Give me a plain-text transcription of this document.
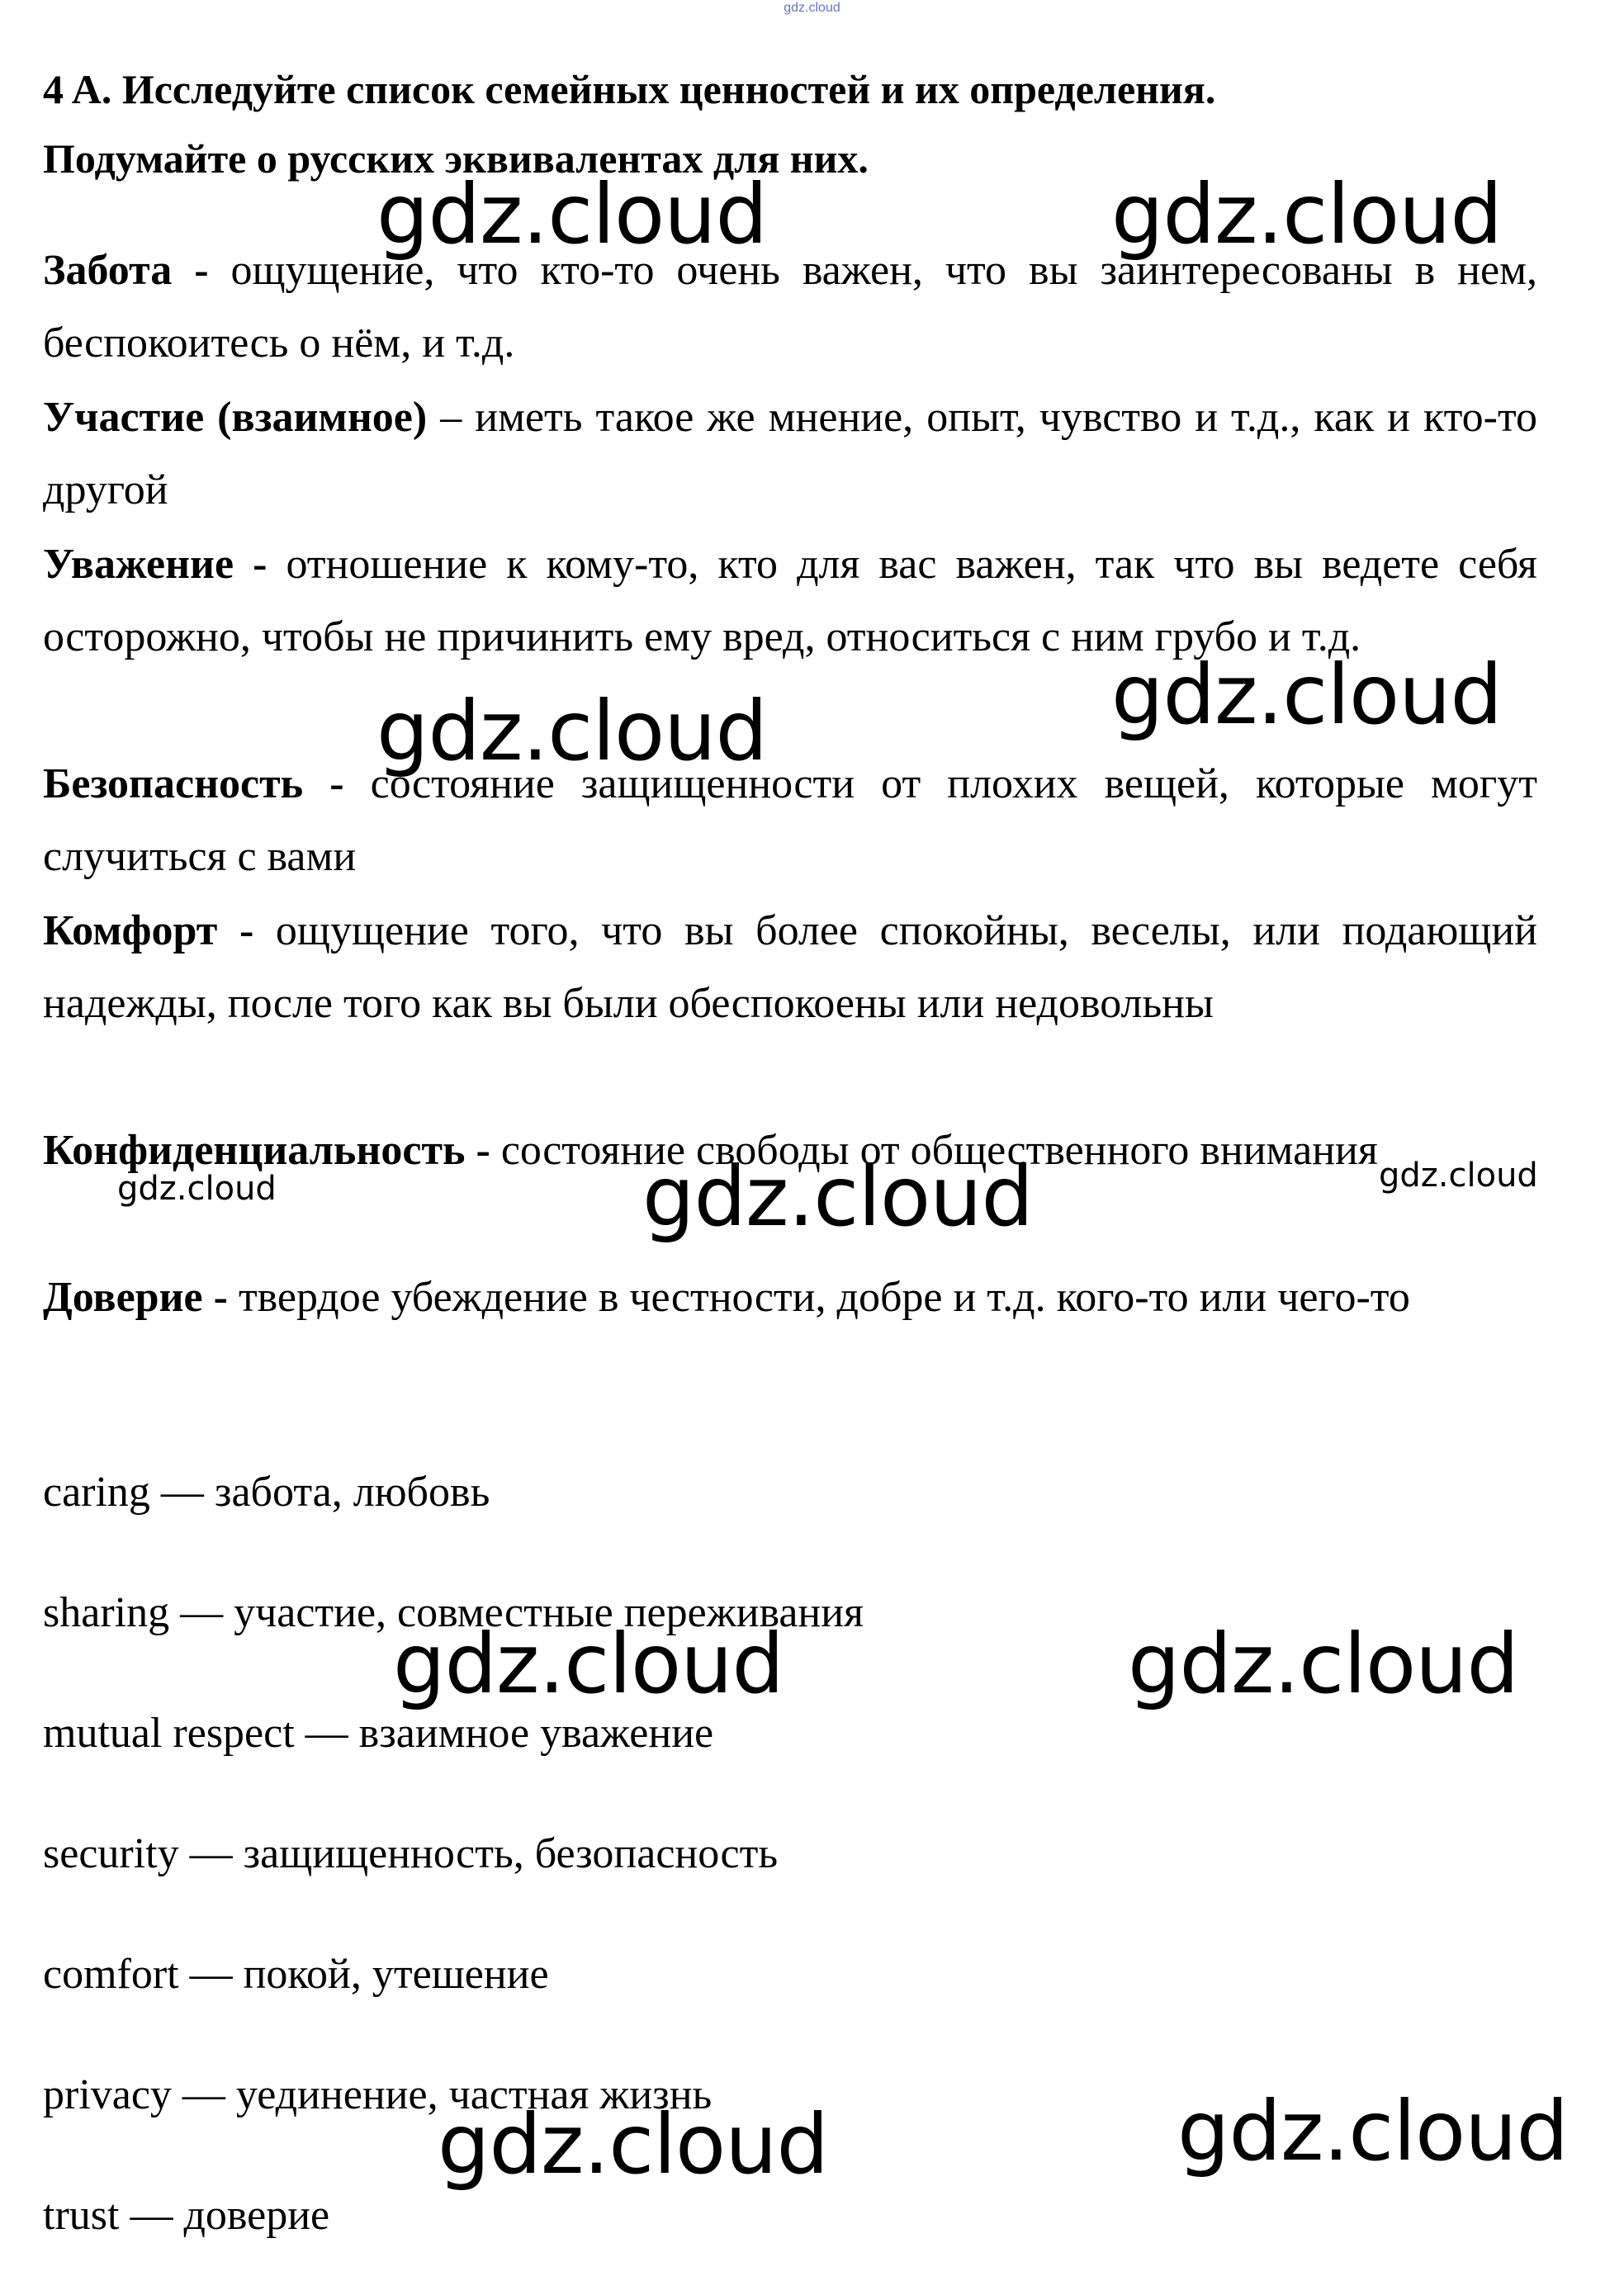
gdz.cloud

4 A. Исследуйте список семейных ценностей и их определения.

Подумайте о русских эквивалентах для них.

Забота - ощущение, что кто-то очень важен, что вы заинтересованы в нем, беспокоитесь о нём, и т.д.

Участие (взаимное) – иметь такое же мнение, опыт, чувство и т.д., как и кто-то другой

Уважение - отношение к кому-то, кто для вас важен, так что вы ведете себя осторожно, чтобы не причинить ему вред, относиться с ним грубо и т.д.

Безопасность - состояние защищенности от плохих вещей, которые могут случиться с вами

Комфорт - ощущение того, что вы более спокойны, веселы, или подающий надежды, после того как вы были обеспокоены или недовольны

Конфиденциальность - состояние свободы от общественного внимания

Доверие - твердое убеждение в честности, добре и т.д. кого-то или чего-то

caring — забота, любовь

sharing — участие, совместные переживания

mutual respect — взаимное уважение

security — защищенность, безопасность

comfort — покой, утешение

privacy — уединение, частная жизнь

trust — доверие

gdz.cloud	gdz.cloud
gdz.cloud
gdz.cloud
gdz.cloud
gdz.cloud	gdz.cloud
gdz.cloud	gdz.cloud
gdz.cloud	gdz.cloud
